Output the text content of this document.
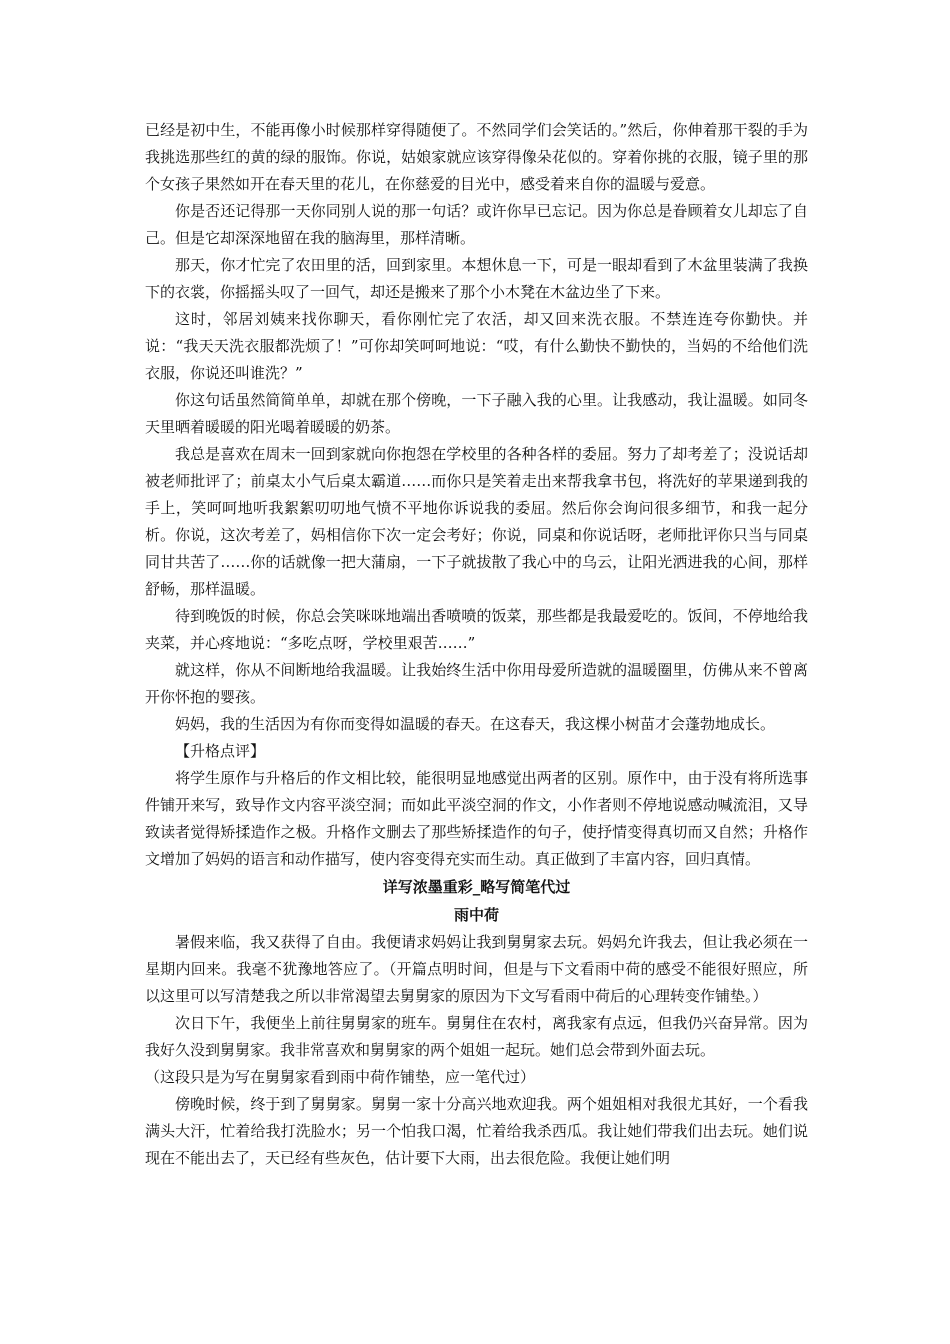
已经是初中生，不能再像小时候那样穿得随便了。不然同学们会笑话的。”然后，你伸着那干裂的手为我挑选那些红的黄的绿的服饰。你说，姑娘家就应该穿得像朵花似的。穿着你挑的衣服，镜子里的那个女孩子果然如开在春天里的花儿，在你慈爱的目光中，感受着来自你的温暖与爱意。

你是否还记得那一天你同别人说的那一句话？或许你早已忘记。因为你总是眷顾着女儿却忘了自己。但是它却深深地留在我的脑海里，那样清晰。

那天，你才忙完了农田里的活，回到家里。本想休息一下，可是一眼却看到了木盆里装满了我换下的衣裳，你摇摇头叹了一回气，却还是搬来了那个小木凳在木盆边坐了下来。

这时，邻居刘姨来找你聊天，看你刚忙完了农活，却又回来洗衣服。不禁连连夸你勤快。并说：“我天天洗衣服都洗烦了！”可你却笑呵呵地说：“哎，有什么勤快不勤快的，当妈的不给他们洗衣服，你说还叫谁洗？”

你这句话虽然简简单单，却就在那个傍晚，一下子融入我的心里。让我感动，我让温暖。如同冬天里晒着暖暖的阳光喝着暖暖的奶茶。

我总是喜欢在周末一回到家就向你抱怨在学校里的各种各样的委屈。努力了却考差了；没说话却被老师批评了；前桌太小气后桌太霸道……而你只是笑着走出来帮我拿书包，将洗好的苹果递到我的手上，笑呵呵地听我絮絮叨叨地气愤不平地你诉说我的委屈。然后你会询问很多细节，和我一起分析。你说，这次考差了，妈相信你下次一定会考好；你说，同桌和你说话呀，老师批评你只当与同桌同甘共苦了……你的话就像一把大蒲扇，一下子就拔散了我心中的乌云，让阳光洒进我的心间，那样舒畅，那样温暖。

待到晚饭的时候，你总会笑咪咪地端出香喷喷的饭菜，那些都是我最爱吃的。饭间，不停地给我夹菜，并心疼地说：“多吃点呀，学校里艰苦……”

就这样，你从不间断地给我温暖。让我始终生活中你用母爱所造就的温暖圈里，仿佛从来不曾离开你怀抱的婴孩。

妈妈，我的生活因为有你而变得如温暖的春天。在这春天，我这棵小树苗才会蓬勃地成长。

【升格点评】

将学生原作与升格后的作文相比较，能很明显地感觉出两者的区别。原作中，由于没有将所选事件铺开来写，致导作文内容平淡空洞；而如此平淡空洞的作文，小作者则不停地说感动喊流泪，又导致读者觉得矫揉造作之极。升格作文删去了那些矫揉造作的句子，使抒情变得真切而又自然；升格作文增加了妈妈的语言和动作描写，使内容变得充实而生动。真正做到了丰富内容，回归真情。

详写浓墨重彩_略写简笔代过

雨中荷

暑假来临，我又获得了自由。我便请求妈妈让我到舅舅家去玩。妈妈允许我去，但让我必须在一星期内回来。我毫不犹豫地答应了。（开篇点明时间，但是与下文看雨中荷的感受不能很好照应，所以这里可以写清楚我之所以非常渴望去舅舅家的原因为下文写看雨中荷后的心理转变作铺垫。）

次日下午，我便坐上前往舅舅家的班车。舅舅住在农村，离我家有点远，但我仍兴奋异常。因为我好久没到舅舅家。我非常喜欢和舅舅家的两个姐姐一起玩。她们总会带到外面去玩。

（这段只是为写在舅舅家看到雨中荷作铺垫，应一笔代过）

傍晚时候，终于到了舅舅家。舅舅一家十分高兴地欢迎我。两个姐姐相对我很尤其好，一个看我满头大汗，忙着给我打洗脸水；另一个怕我口渴，忙着给我杀西瓜。我让她们带我们出去玩。她们说现在不能出去了，天已经有些灰色，估计要下大雨，出去很危险。我便让她们明
